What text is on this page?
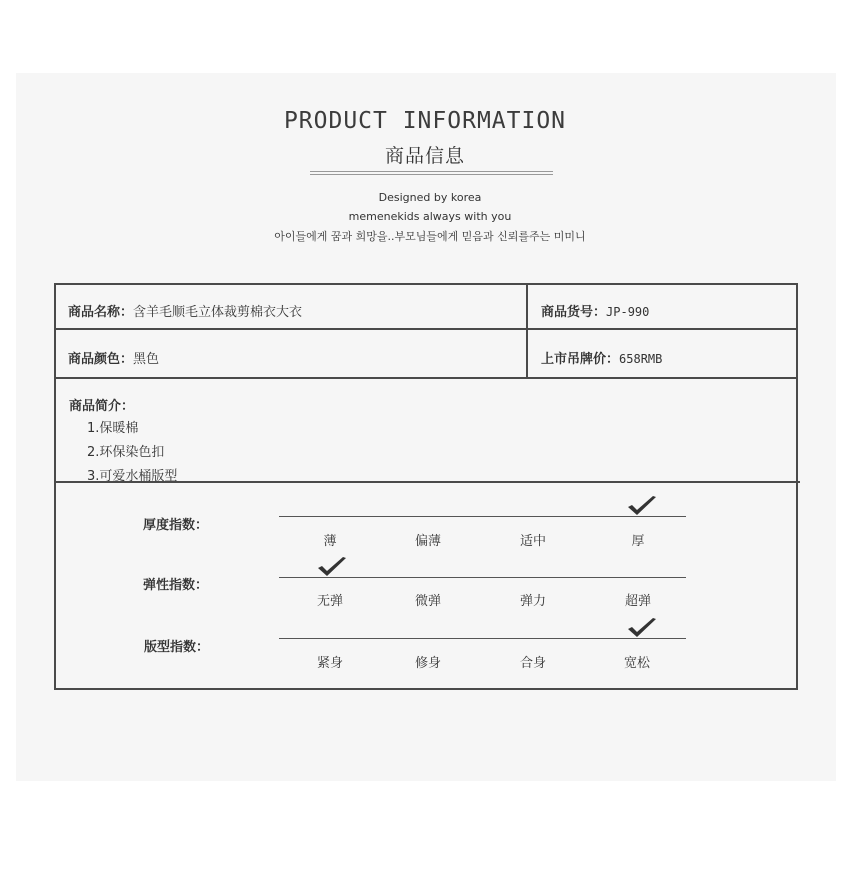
PRODUCT INFORMATION
商品信息
Designed by korea
memenekids always with you
아이들에게 꿈과 희망을..부모님들에게 믿음과 신뢰를주는 미미니
商品名称：含羊毛顺毛立体裁剪棉衣大衣	商品货号：JP-990
商品颜色：黑色	上市吊牌价：658RMB
商品简介：
1.保暖棉
2.环保染色扣
3.可爱水桶版型
厚度指数：
薄	偏薄	适中	厚
弹性指数：
无弹	微弹	弹力	超弹
版型指数：
紧身	修身	合身	宽松
